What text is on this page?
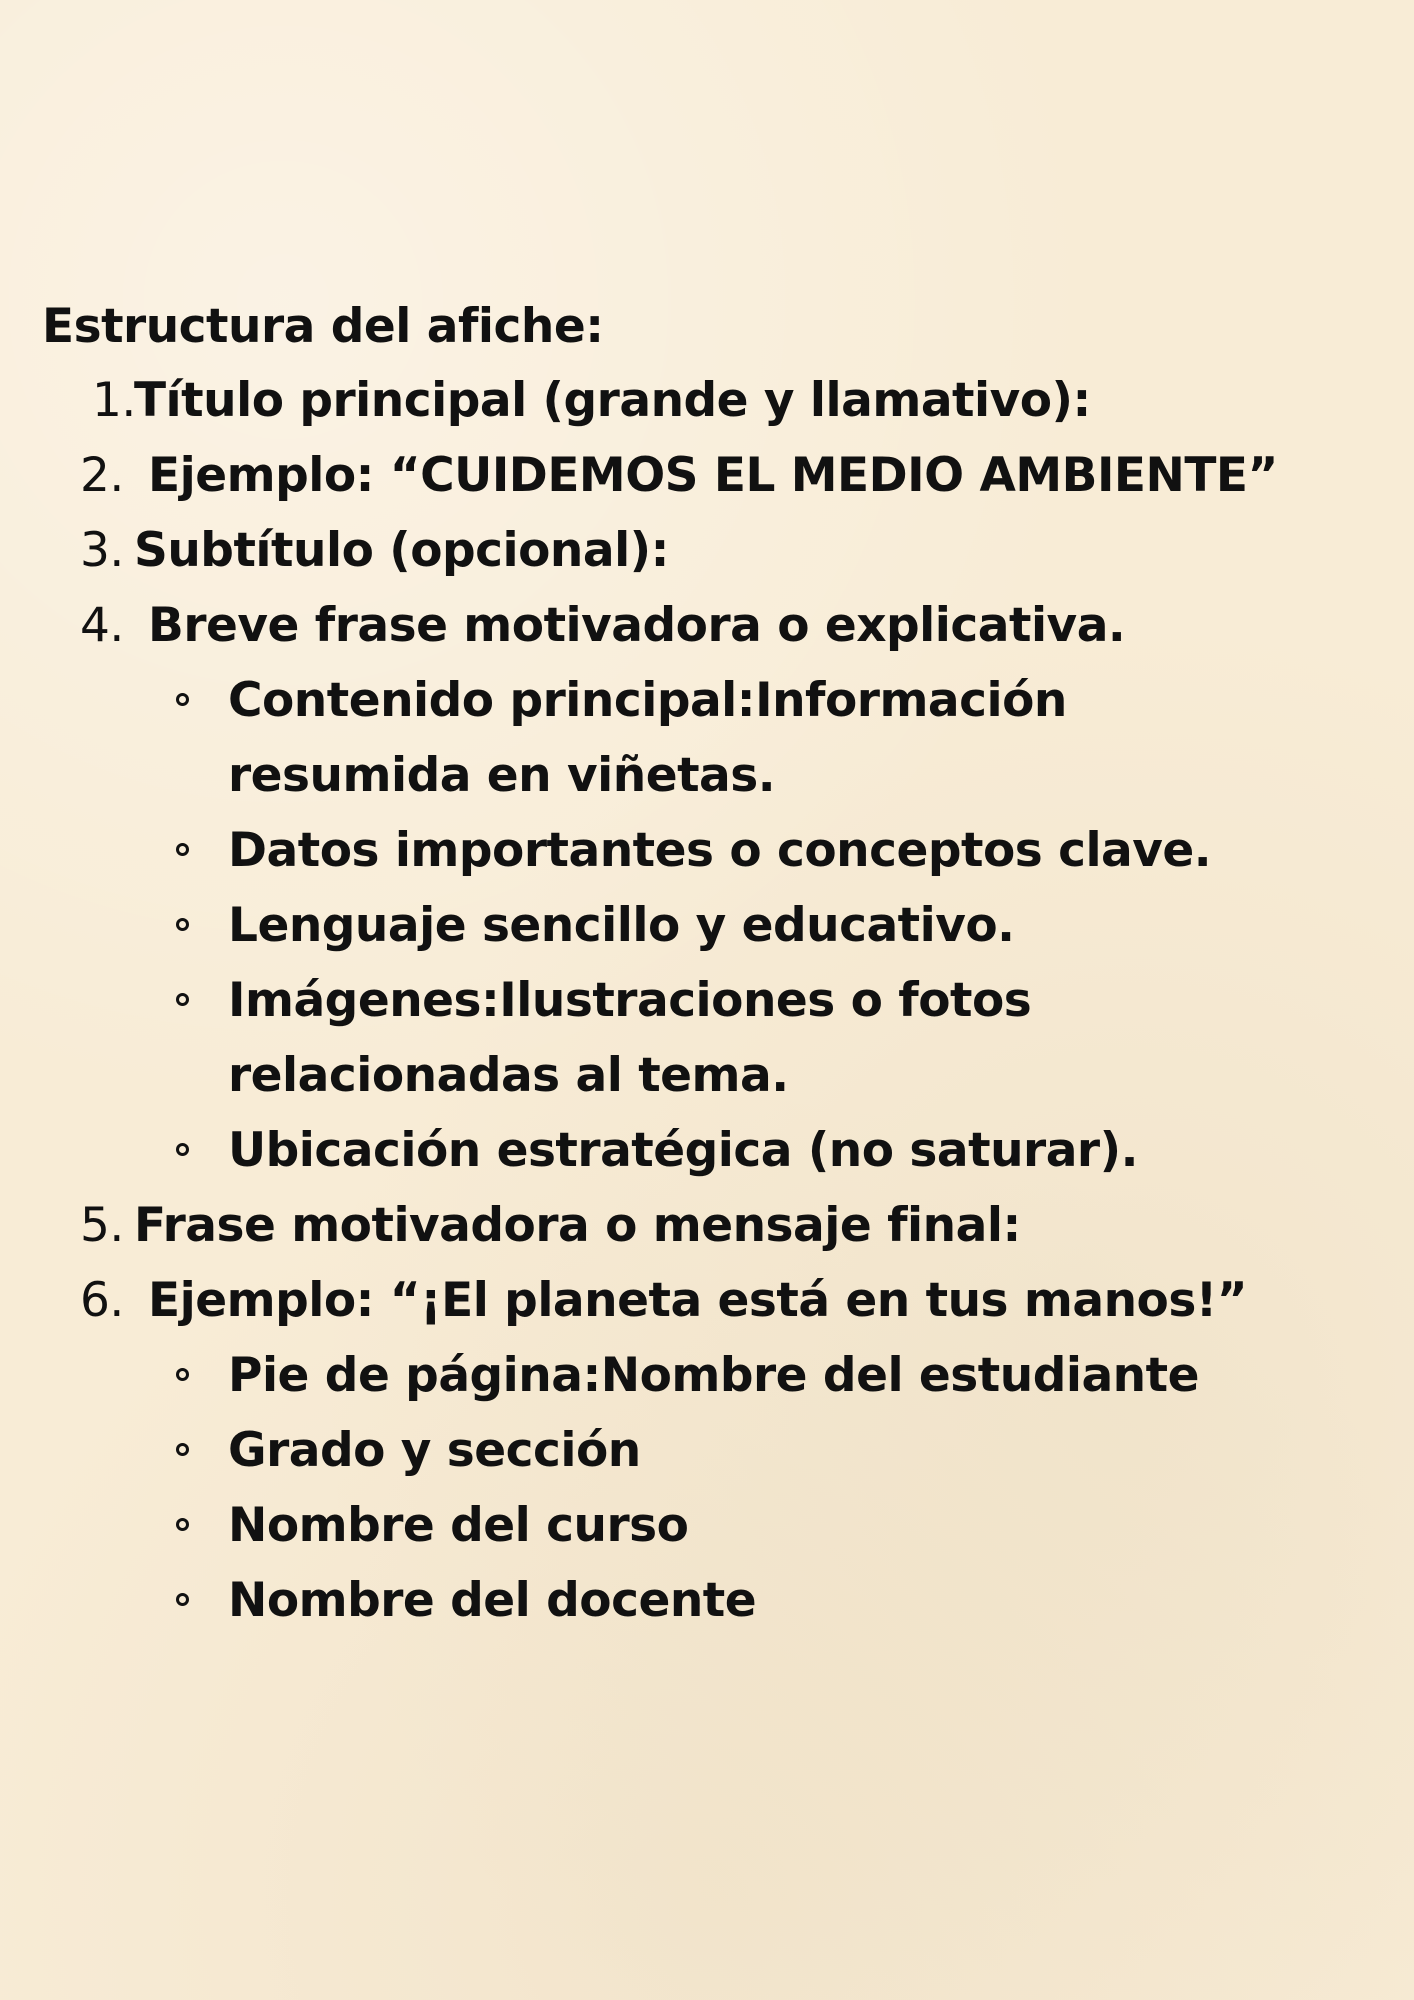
Estructura del afiche:
1.
Título principal (grande y llamativo):
2. Ejemplo: “CUIDEMOS EL MEDIO AMBIENTE”
3. Subtítulo (opcional):
4. Breve frase motivadora o explicativa.
Contenido principal:Información
resumida en viñetas.
Datos importantes o conceptos clave.
Lenguaje sencillo y educativo.
Imágenes:Ilustraciones o fotos
relacionadas al tema.
Ubicación estratégica (no saturar).
5. Frase motivadora o mensaje final:
6. Ejemplo: “¡El planeta está en tus manos!”
Pie de página:Nombre del estudiante
Grado y sección
Nombre del curso
Nombre del docente
